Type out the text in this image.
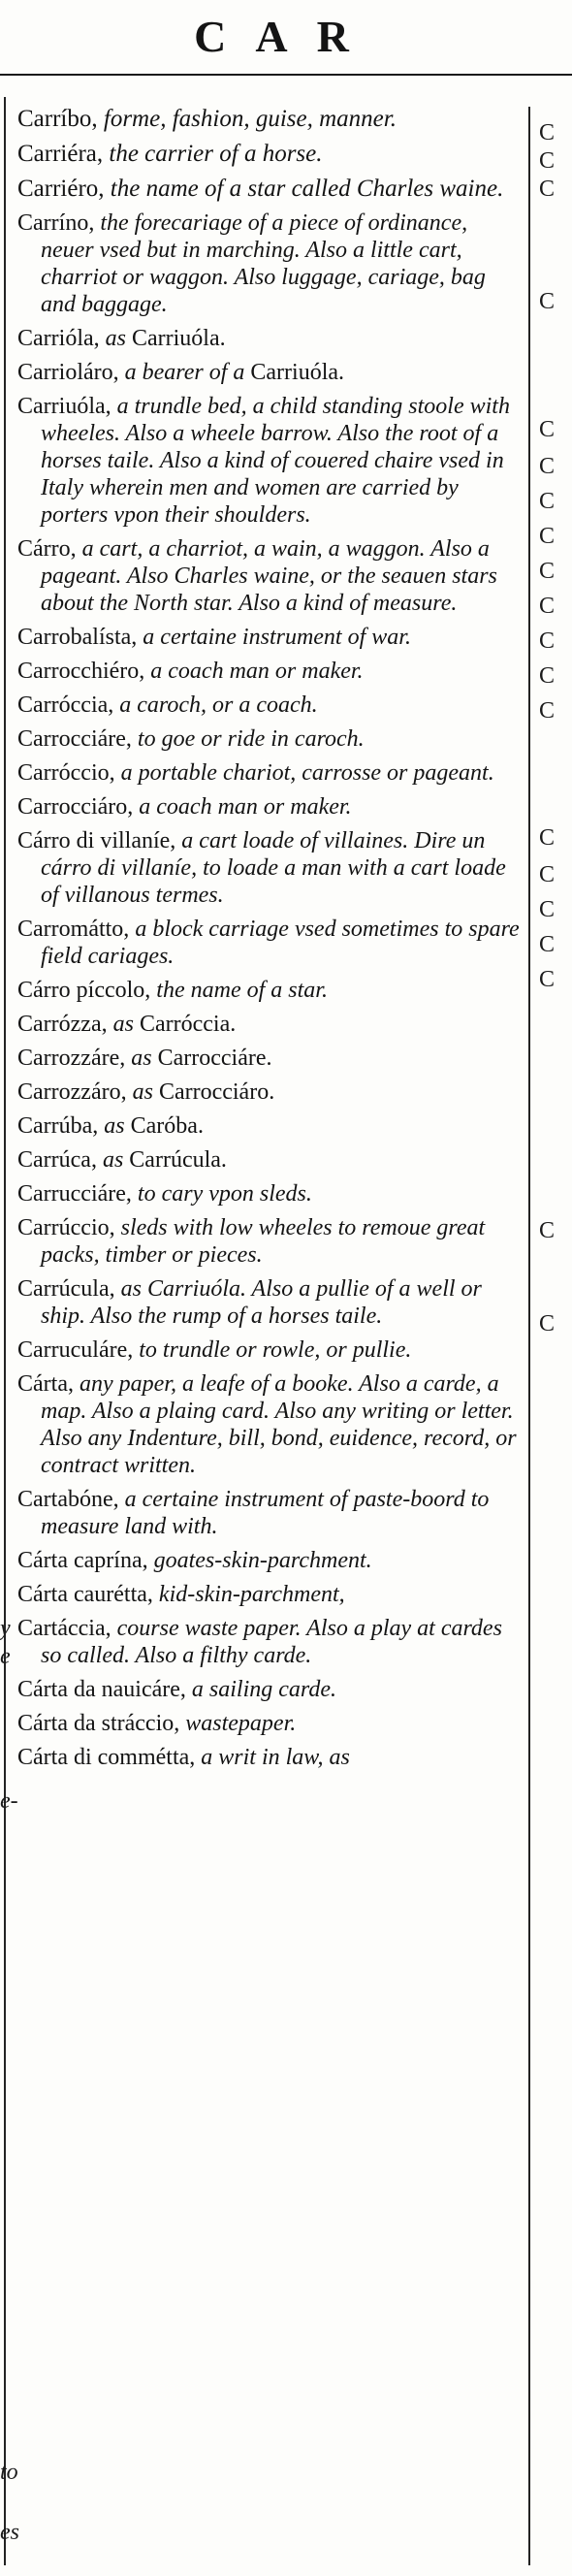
CAR

Carríbo, forme, fashion, guise, manner.

Carriéra, the carrier of a horse.

Carriéro, the name of a star called Charles waine.

Carríno, the forecariage of a piece of ordinance, neuer vsed but in marching. Also a little cart, charriot or waggon. Also luggage, cariage, bag and baggage.

Carrióla, as Carriuóla.

Carrioláro, a bearer of a Carriuóla.

Carriuóla, a trundle bed, a child standing stoole with wheeles. Also a wheele barrow. Also the root of a horses taile. Also a kind of couered chaire vsed in Italy wherein men and women are carried by porters vpon their shoulders.

Cárro, a cart, a charriot, a wain, a waggon. Also a pageant. Also Charles waine, or the seauen stars about the North star. Also a kind of measure.

Carrobalísta, a certaine instrument of war.

Carrocchiéro, a coach man or maker.

Carróccia, a caroch, or a coach.

Carrocciáre, to goe or ride in caroch.

Carróccio, a portable chariot, carrosse or pageant.

Carrocciáro, a coach man or maker.

Cárro di villaníe, a cart loade of villaines. Dire un cárro di villaníe, to loade a man with a cart loade of villanous termes.

Carromátto, a block carriage vsed sometimes to spare field cariages.

Cárro píccolo, the name of a star.

Carrózza, as Carróccia.

Carrozzáre, as Carrocciáre.

Carrozzáro, as Carrocciáro.

Carrúba, as Caróba.

Carrúca, as Carrúcula.

Carrucciáre, to cary vpon sleds.

Carrúccio, sleds with low wheeles to remoue great packs, timber or pieces.

Carrúcula, as Carriuóla. Also a pullie of a well or ship. Also the rump of a horses taile.

Carruculáre, to trundle or rowle, or pullie.

Cárta, any paper, a leafe of a booke. Also a carde, a map. Also a plaing card. Also any writing or letter. Also any Indenture, bill, bond, euidence, record, or contract written.

Cartabóne, a certaine instrument of paste-boord to measure land with.

Cárta caprína, goates-skin-parchment.

Cárta caurétta, kid-skin-parchment,

Cartáccia, course waste paper. Also a play at cardes so called. Also a filthy carde.

Cárta da nauicáre, a sailing carde.

Cárta da stráccio, wastepaper.

Cárta di commétta, a writ in law, as

y
e
e-
to
es
C
C
C
C
C
C
C
C
C
C
C
C
C
C
C
C
C
C
C
C
